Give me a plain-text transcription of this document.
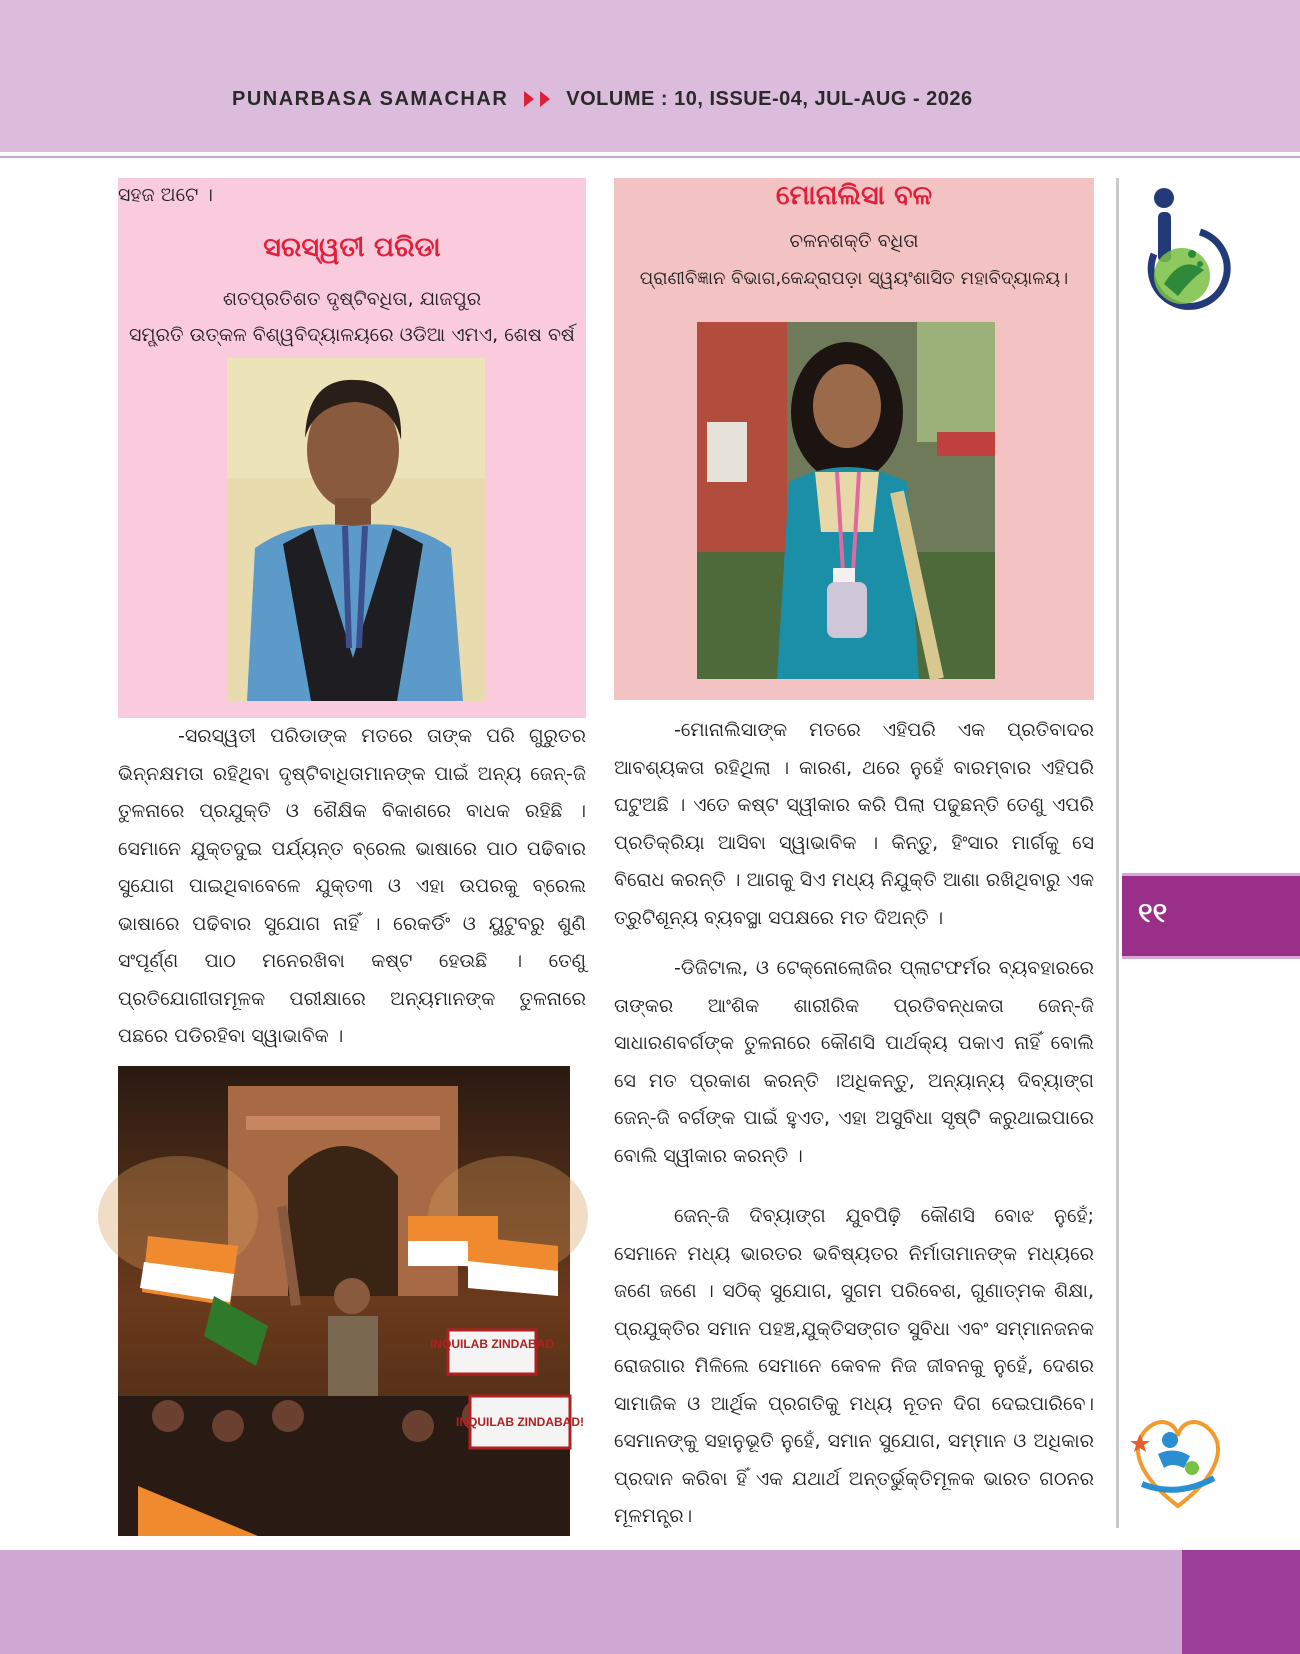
PUNARBASA SAMACHAR	VOLUME : 10, ISSUE-04, JUL-AUG - 2026
୧୧
ସହଜ ଅଟେ ।
ସରସ୍ୱତୀ ପରିଡା
ଶତପ୍ରତିଶତ ଦୃଷ୍ଟିବଧିତା, ଯାଜପୁର
ସମ୍ପ୍ରତି ଉତ୍କଳ ବିଶ୍ୱବିଦ୍ୟାଳୟରେ ଓଡିଆ ଏମଏ, ଶେଷ ବର୍ଷ
-ସରସ୍ୱତୀ ପରିଡାଙ୍କ ମତରେ ତାଙ୍କ ପରି ଗୁରୁତର ଭିନ୍ନକ୍ଷମତା ରହିଥିବା ଦୃଷ୍ଟିବାଧିତାମାନଙ୍କ ପାଇଁ ଅନ୍ୟ ଜେନ୍-ଜି ତୁଳନାରେ ପ୍ରଯୁକ୍ତି ଓ ଶୈକ୍ଷିକ ବିକାଶରେ ବାଧକ ରହିଛି । ସେମାନେ ଯୁକ୍ତଦୁଇ ପର୍ଯ୍ୟନ୍ତ ବ୍ରେଲ ଭାଷାରେ ପାଠ ପଢିବାର ସୁଯୋଗ ପାଇଥିବାବେଳେ ଯୁକ୍ତ୩ ଓ ଏହା ଉପରକୁ ବ୍ରେଲ ଭାଷାରେ ପଢିବାର ସୁଯୋଗ ନାହିଁ । ରେକର୍ଡିଂ ଓ ୟୁଟୁବରୁ ଶୁଣି ସଂପୂର୍ଣ୍ଣ ପାଠ ମନେରଖିବା କଷ୍ଟ ହେଉଛି । ତେଣୁ ପ୍ରତିଯୋଗୀତାମୂଳକ ପରୀକ୍ଷାରେ ଅନ୍ୟମାନଙ୍କ ତୁଳନାରେ ପଛରେ ପଡିରହିବା ସ୍ୱାଭାବିକ ।
INQUILAB ZINDABAD
INQUILAB ZINDABAD!
ମୋନାଲିସା ବଳ
ଚଳନଶକ୍ତି ବଧିତା
ପ୍ରାଣୀବିଜ୍ଞାନ ବିଭାଗ,କେନ୍ଦ୍ରାପଡ଼ା ସ୍ୱୟଂଶାସିତ ମହାବିଦ୍ୟାଳୟ।
-ମୋନାଲିସାଙ୍କ ମତରେ ଏହିପରି ଏକ ପ୍ରତିବାଦର ଆବଶ୍ୟକତା ରହିଥିଲା । କାରଣ, ଥରେ ନୁହେଁ ବାରମ୍ବାର ଏହିପରି ଘଟୁଅଛି । ଏତେ କଷ୍ଟ ସ୍ୱୀକାର କରି ପିଲା ପଢୁଛନ୍ତି ତେଣୁ ଏପରି ପ୍ରତିକ୍ରିୟା ଆସିବା ସ୍ୱାଭାବିକ । କିନ୍ତୁ, ହିଂସାର ମାର୍ଗକୁ ସେ ବିରୋଧ କରନ୍ତି । ଆଗକୁ ସିଏ ମଧ୍ୟ ନିଯୁକ୍ତି ଆଶା ରଖିଥିବାରୁ ଏକ ତ୍ରୁଟିଶୂନ୍ୟ ବ୍ୟବସ୍ଥା ସପକ୍ଷରେ ମତ ଦିଅନ୍ତି ।
-ଡିଜିଟାଲ, ଓ ଟେକ୍ନୋଲୋଜିର ପ୍ଲାଟଫର୍ମର ବ୍ୟବହାରରେ ତାଙ୍କର ଆଂଶିକ ଶାରୀରିକ ପ୍ରତିବନ୍ଧକତା ଜେନ୍-ଜି ସାଧାରଣବର୍ଗଙ୍କ ତୁଳନାରେ କୌଣସି ପାର୍ଥକ୍ୟ ପକାଏ ନାହିଁ ବୋଲି ସେ ମତ ପ୍ରକାଶ କରନ୍ତି ।ଅଧିକନ୍ତୁ, ଅନ୍ୟାନ୍ୟ ଦିବ୍ୟାଙ୍ଗ ଜେନ୍-ଜି ବର୍ଗଙ୍କ ପାଇଁ ହୁଏତ, ଏହା ଅସୁବିଧା ସୃଷ୍ଟି କରୁଥାଇପାରେ ବୋଲି ସ୍ୱୀକାର କରନ୍ତି ।
ଜେନ୍-ଜି ଦିବ୍ୟାଙ୍ଗ ଯୁବପିଢ଼ି କୌଣସି ବୋଝ ନୁହେଁ; ସେମାନେ ମଧ୍ୟ ଭାରତର ଭବିଷ୍ୟତର ନିର୍ମାତାମାନଙ୍କ ମଧ୍ୟରେ ଜଣେ ଜଣେ । ସଠିକ୍ ସୁଯୋଗ, ସୁଗମ ପରିବେଶ, ଗୁଣାତ୍ମକ ଶିକ୍ଷା, ପ୍ରଯୁକ୍ତିର ସମାନ ପହଞ୍ଚ,ଯୁକ୍ତିସଙ୍ଗତ ସୁବିଧା ଏବଂ ସମ୍ମାନଜନକ ରୋଜଗାର ମିଳିଲେ ସେମାନେ କେବଳ ନିଜ ଜୀବନକୁ ନୁହେଁ, ଦେଶର ସାମାଜିକ ଓ ଆର୍ଥିକ ପ୍ରଗତିକୁ ମଧ୍ୟ ନୂତନ ଦିଗ ଦେଇପାରିବେ। ସେମାନଙ୍କୁ ସହାନୁଭୂତି ନୁହେଁ, ସମାନ ସୁଯୋଗ, ସମ୍ମାନ ଓ ଅଧିକାର ପ୍ରଦାନ କରିବା ହିଁ ଏକ ଯଥାର୍ଥ ଅନ୍ତର୍ଭୁକ୍ତିମୂଳକ ଭାରତ ଗଠନର ମୂଳମନ୍ତ୍ର।
